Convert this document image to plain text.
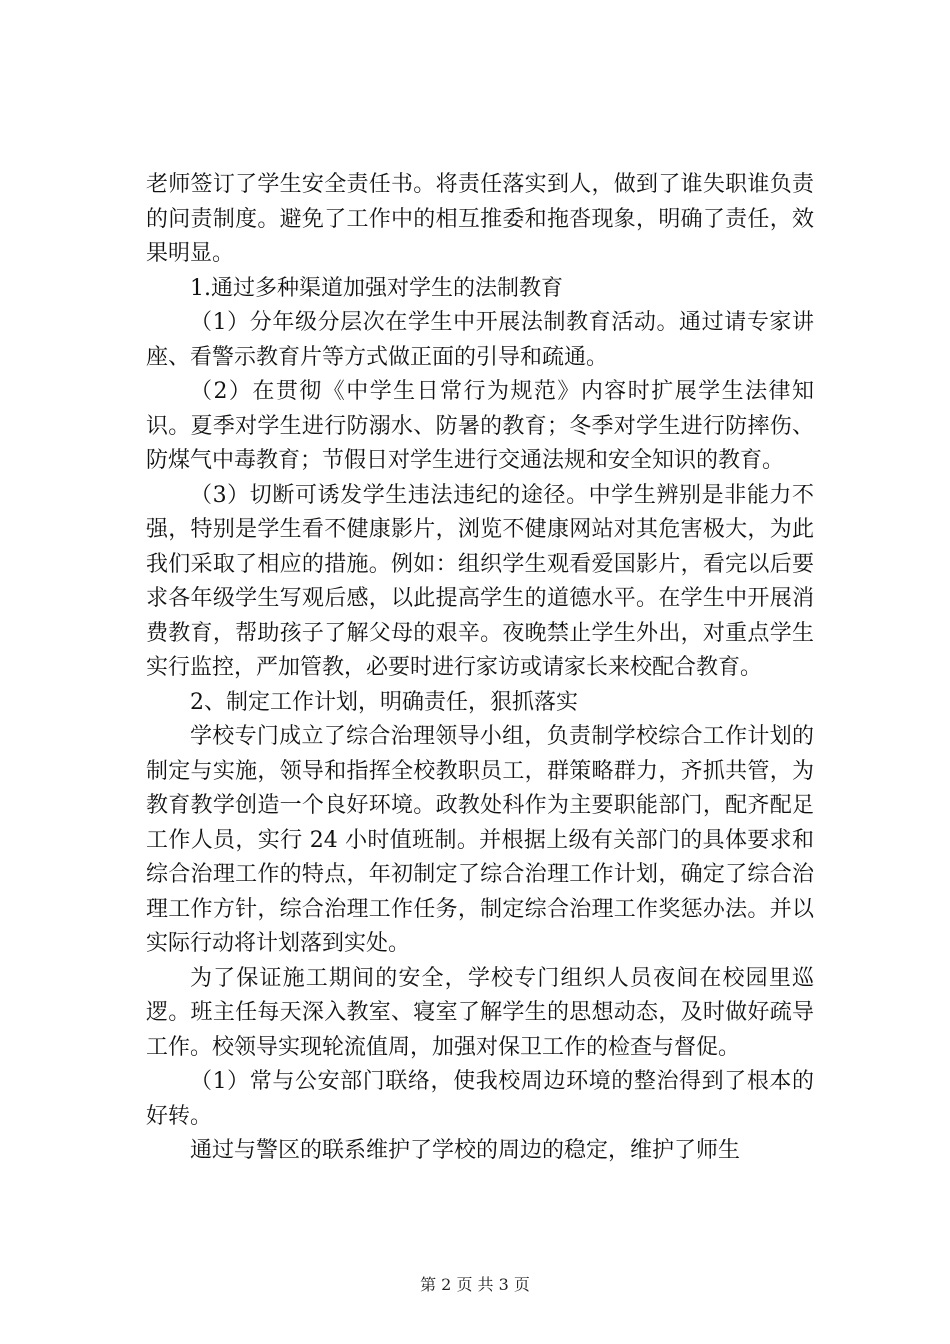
老师签订了学生安全责任书。将责任落实到人，做到了谁失职谁负责的问责制度。避免了工作中的相互推委和拖沓现象，明确了责任，效果明显。

1.通过多种渠道加强对学生的法制教育

（1）分年级分层次在学生中开展法制教育活动。通过请专家讲座、看警示教育片等方式做正面的引导和疏通。

（2）在贯彻《中学生日常行为规范》内容时扩展学生法律知识。夏季对学生进行防溺水、防暑的教育；冬季对学生进行防摔伤、防煤气中毒教育；节假日对学生进行交通法规和安全知识的教育。

（3）切断可诱发学生违法违纪的途径。中学生辨别是非能力不强，特别是学生看不健康影片，浏览不健康网站对其危害极大，为此我们采取了相应的措施。例如：组织学生观看爱国影片，看完以后要求各年级学生写观后感，以此提高学生的道德水平。在学生中开展消费教育，帮助孩子了解父母的艰辛。夜晚禁止学生外出，对重点学生实行监控，严加管教，必要时进行家访或请家长来校配合教育。

2、制定工作计划，明确责任，狠抓落实

学校专门成立了综合治理领导小组，负责制学校综合工作计划的制定与实施，领导和指挥全校教职员工，群策略群力，齐抓共管，为教育教学创造一个良好环境。政教处科作为主要职能部门，配齐配足工作人员，实行 24 小时值班制。并根据上级有关部门的具体要求和综合治理工作的特点，年初制定了综合治理工作计划，确定了综合治理工作方针，综合治理工作任务，制定综合治理工作奖惩办法。并以实际行动将计划落到实处。

为了保证施工期间的安全，学校专门组织人员夜间在校园里巡逻。班主任每天深入教室、寝室了解学生的思想动态，及时做好疏导工作。校领导实现轮流值周，加强对保卫工作的检查与督促。

（1）常与公安部门联络，使我校周边环境的整治得到了根本的好转。

通过与警区的联系维护了学校的周边的稳定，维护了师生

第 2 页 共 3 页
